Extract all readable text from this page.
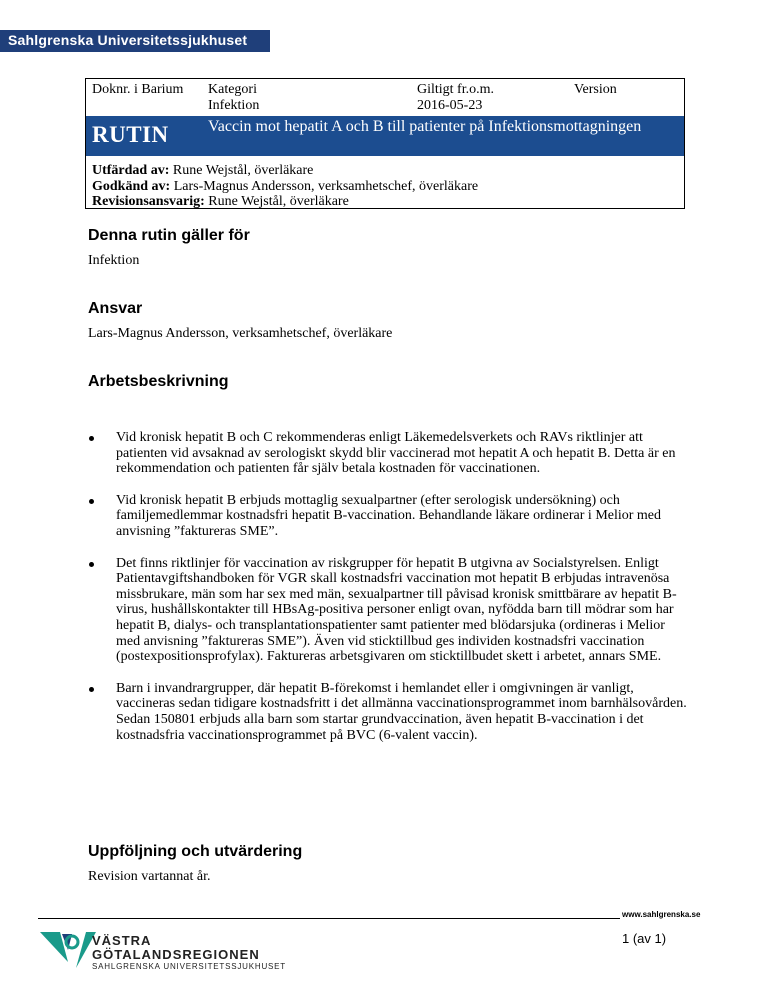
Sahlgrenska Universitetssjukhuset
Doknr. i Barium Kategori
Infektion
Giltigt fr.o.m.
2016-05-23
Version
RUTIN Vaccin mot hepatit A och B till patienter på Infektionsmottagningen
Utfärdad av: Rune Wejstål, överläkare
Godkänd av: Lars-Magnus Andersson, verksamhetschef, överläkare
Revisionsansvarig: Rune Wejstål, överläkare
Denna rutin gäller för
Infektion
Ansvar
Lars-Magnus Andersson, verksamhetschef, överläkare
Arbetsbeskrivning
Vid kronisk hepatit B och C rekommenderas enligt Läkemedelsverkets och RAVs riktlinjer att patienten vid avsaknad av serologiskt skydd blir vaccinerad mot hepatit A och hepatit B. Detta är en rekommendation och patienten får själv betala kostnaden för vaccinationen.
Vid kronisk hepatit B erbjuds mottaglig sexualpartner (efter serologisk undersökning) och familjemedlemmar kostnadsfri hepatit B-vaccination. Behandlande läkare ordinerar i Melior med anvisning ”faktureras SME”.
Det finns riktlinjer för vaccination av riskgrupper för hepatit B utgivna av Socialstyrelsen. Enligt Patientavgiftshandboken för VGR skall kostnadsfri vaccination mot hepatit B erbjudas intravenösa missbrukare, män som har sex med män, sexualpartner till påvisad kronisk smittbärare av hepatit B-virus, hushållskontakter till HBsAg-positiva personer enligt ovan, nyfödda barn till mödrar som har hepatit B, dialys- och transplantationspatienter samt patienter med blödarsjuka (ordineras i Melior med anvisning ”faktureras SME”). Även vid sticktillbud ges individen kostnadsfri vaccination (postexpositionsprofylax). Faktureras arbetsgivaren om sticktillbudet skett i arbetet, annars SME.
Barn i invandrargrupper, där hepatit B-förekomst i hemlandet eller i omgivningen är vanligt, vaccineras sedan tidigare kostnadsfritt i det allmänna vaccinationsprogrammet inom barnhälsovården. Sedan 150801 erbjuds alla barn som startar grundvaccination, även hepatit B-vaccination i det kostnadsfria vaccinationsprogrammet på BVC (6-valent vaccin).
Uppföljning och utvärdering
Revision vartannat år.
www.sahlgrenska.se
1 (av 1)
VÄSTRA
GÖTALANDSREGIONEN
SAHLGRENSKA UNIVERSITETSSJUKHUSET
